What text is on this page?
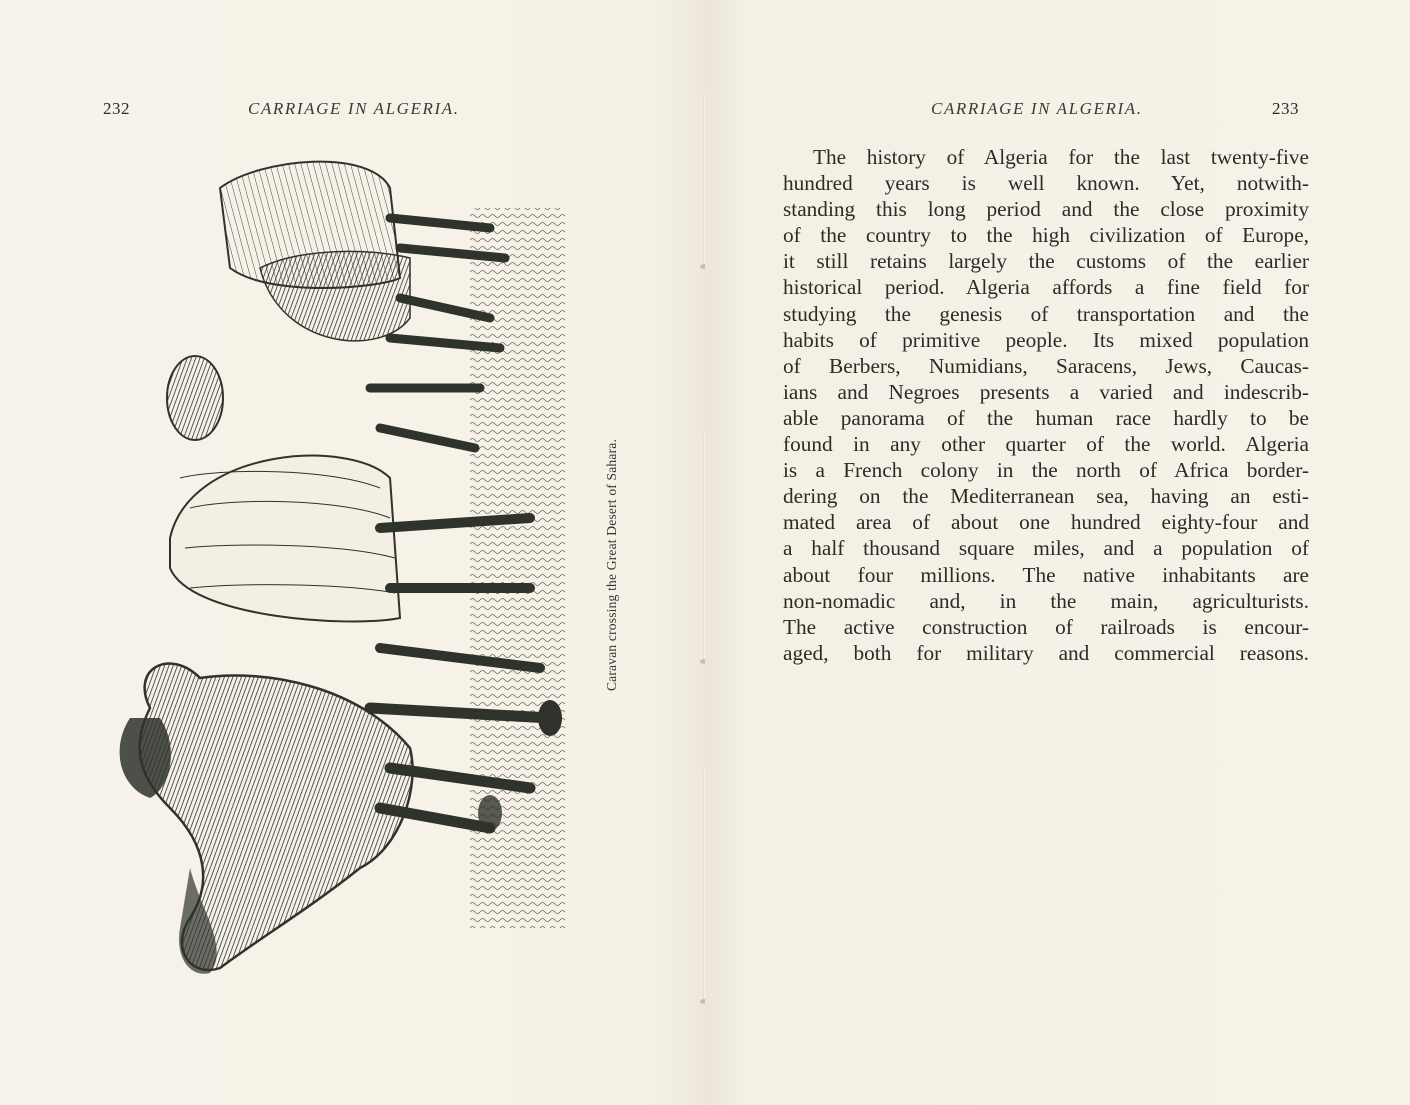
232	CARRIAGE IN ALGERIA.
Caravan crossing the Great Desert of Sahara.
CARRIAGE IN ALGERIA.	233
The history of Algeria for the last twenty-five
hundred years is well known. Yet, notwith-
standing this long period and the close proximity
of the country to the high civilization of Europe,
it still retains largely the customs of the earlier
historical period. Algeria affords a fine field for
studying the genesis of transportation and the
habits of primitive people. Its mixed population
of Berbers, Numidians, Saracens, Jews, Caucas-
ians and Negroes presents a varied and indescrib-
able panorama of the human race hardly to be
found in any other quarter of the world. Algeria
is a French colony in the north of Africa border-
dering on the Mediterranean sea, having an esti-
mated area of about one hundred eighty-four and
a half thousand square miles, and a population of
about four millions. The native inhabitants are
non-nomadic and, in the main, agriculturists.
The active construction of railroads is encour-
aged, both for military and commercial reasons.
